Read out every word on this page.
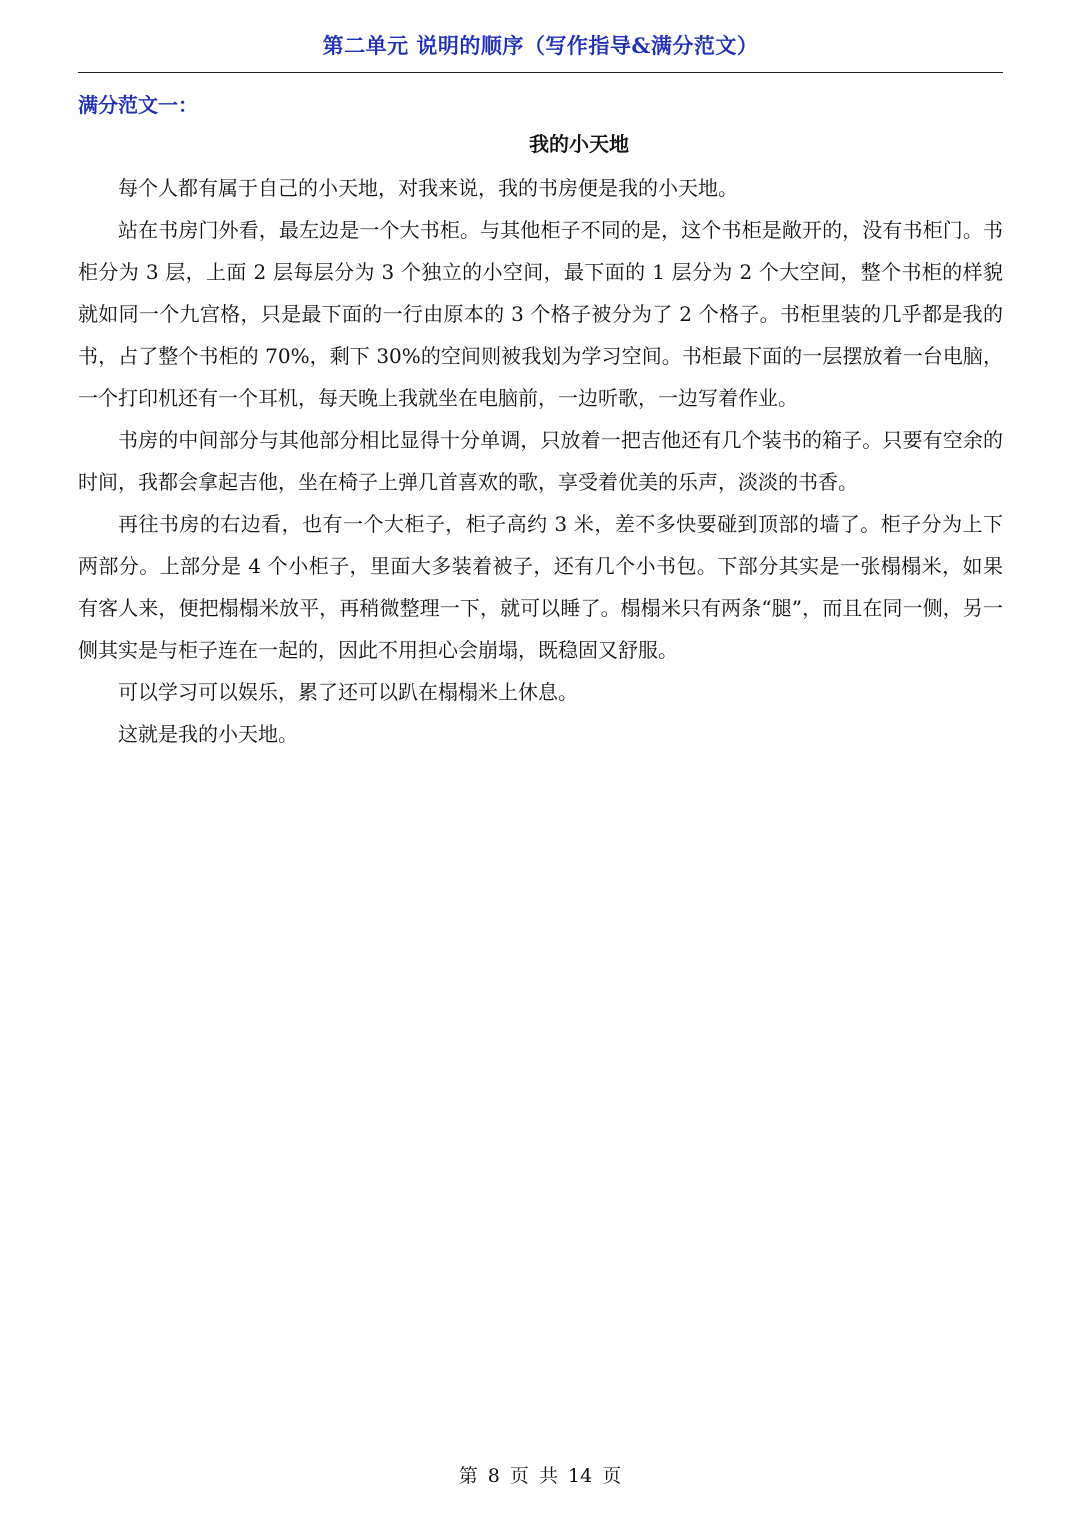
第二单元 说明的顺序（写作指导&满分范文）
满分范文一：
我的小天地

每个人都有属于自己的小天地，对我来说，我的书房便是我的小天地。

站在书房门外看，最左边是一个大书柜。与其他柜子不同的是，这个书柜是敞开的，没有书柜门。书柜分为 3 层，上面 2 层每层分为 3 个独立的小空间，最下面的 1 层分为 2 个大空间，整个书柜的样貌就如同一个九宫格，只是最下面的一行由原本的 3 个格子被分为了 2 个格子。书柜里装的几乎都是我的书，占了整个书柜的 70%，剩下 30%的空间则被我划为学习空间。书柜最下面的一层摆放着一台电脑，一个打印机还有一个耳机，每天晚上我就坐在电脑前，一边听歌，一边写着作业。

书房的中间部分与其他部分相比显得十分单调，只放着一把吉他还有几个装书的箱子。只要有空余的时间，我都会拿起吉他，坐在椅子上弹几首喜欢的歌，享受着优美的乐声，淡淡的书香。

再往书房的右边看，也有一个大柜子，柜子高约 3 米，差不多快要碰到顶部的墙了。柜子分为上下两部分。上部分是 4 个小柜子，里面大多装着被子，还有几个小书包。下部分其实是一张榻榻米，如果有客人来，便把榻榻米放平，再稍微整理一下，就可以睡了。榻榻米只有两条“腿”，而且在同一侧，另一侧其实是与柜子连在一起的，因此不用担心会崩塌，既稳固又舒服。

可以学习可以娱乐，累了还可以趴在榻榻米上休息。

这就是我的小天地。

第 8 页 共 14 页
